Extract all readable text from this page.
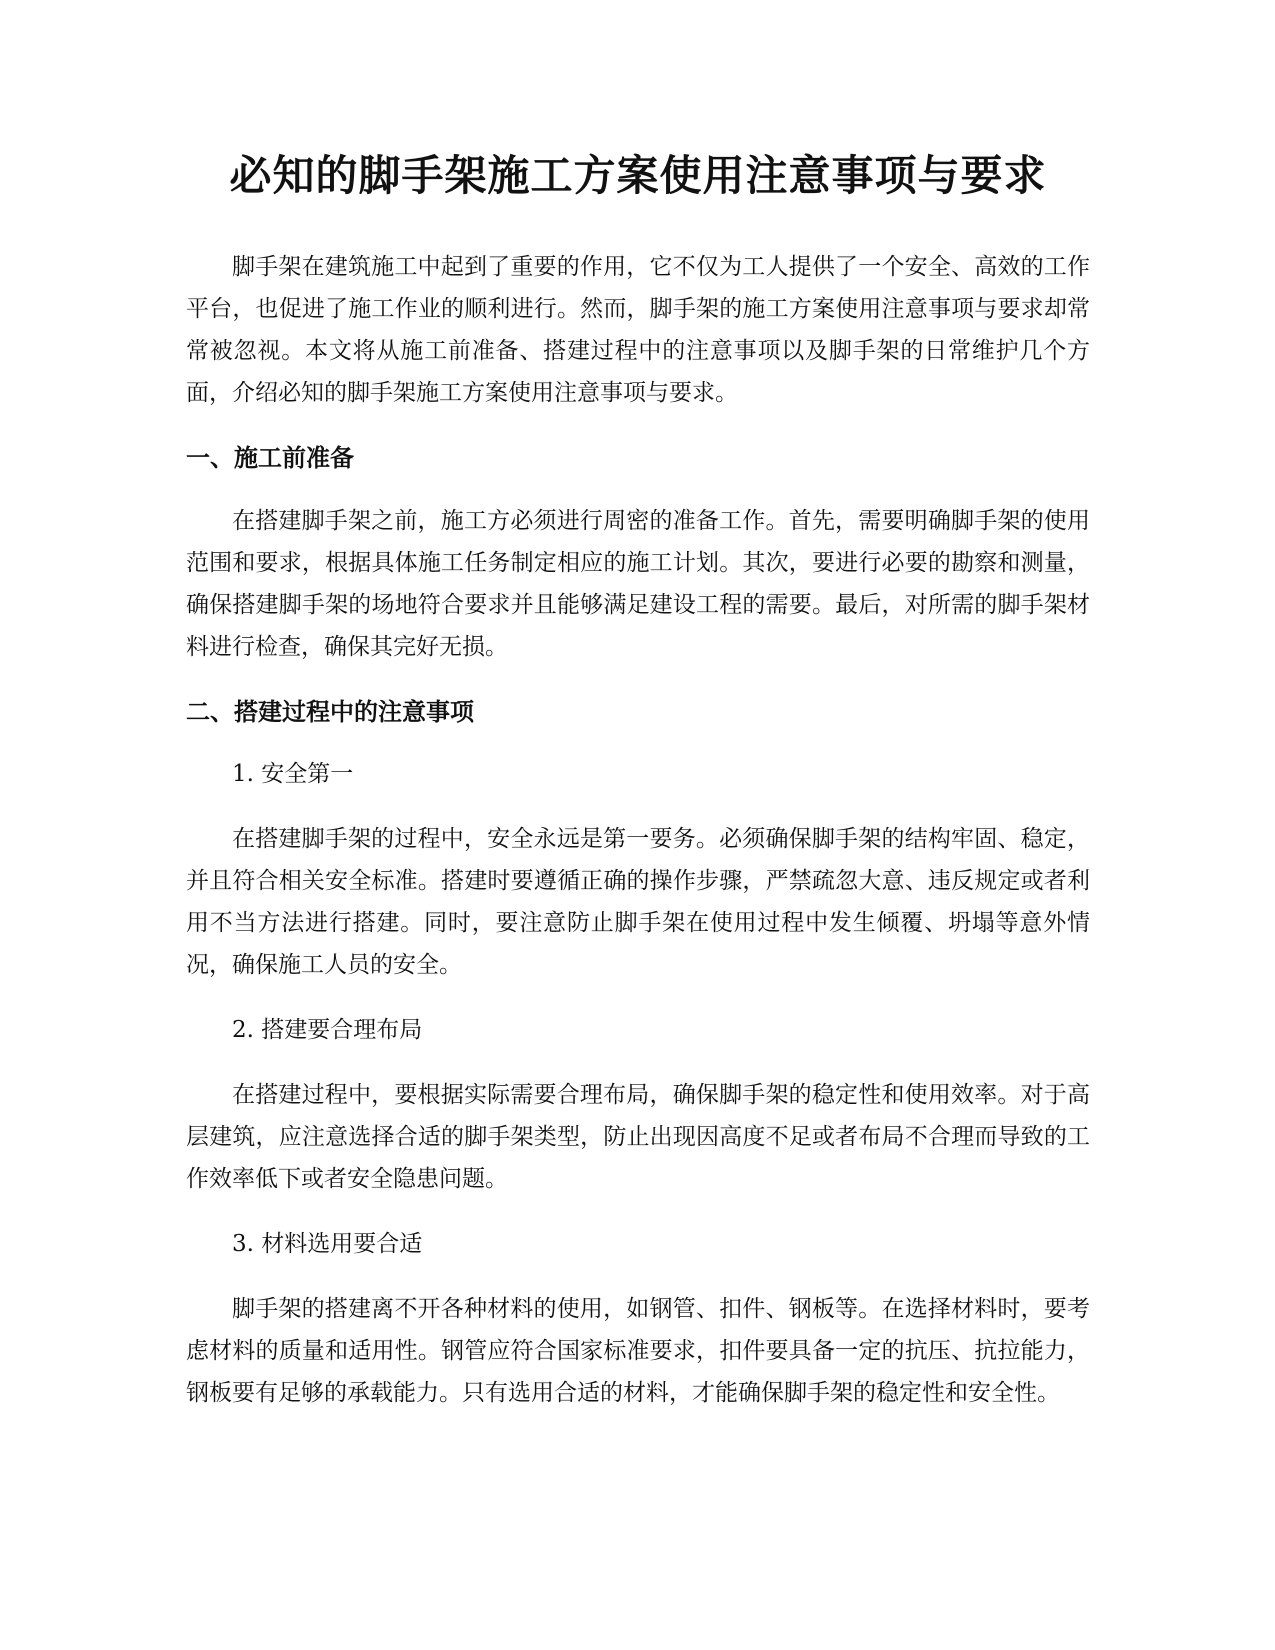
必知的脚手架施工方案使用注意事项与要求

脚手架在建筑施工中起到了重要的作用，它不仅为工人提供了一个安全、高效的工作平台，也促进了施工作业的顺利进行。然而，脚手架的施工方案使用注意事项与要求却常常被忽视。本文将从施工前准备、搭建过程中的注意事项以及脚手架的日常维护几个方面，介绍必知的脚手架施工方案使用注意事项与要求。

一、施工前准备

在搭建脚手架之前，施工方必须进行周密的准备工作。首先，需要明确脚手架的使用范围和要求，根据具体施工任务制定相应的施工计划。其次，要进行必要的勘察和测量，确保搭建脚手架的场地符合要求并且能够满足建设工程的需要。最后，对所需的脚手架材料进行检查，确保其完好无损。

二、搭建过程中的注意事项

1. 安全第一

在搭建脚手架的过程中，安全永远是第一要务。必须确保脚手架的结构牢固、稳定，并且符合相关安全标准。搭建时要遵循正确的操作步骤，严禁疏忽大意、违反规定或者利用不当方法进行搭建。同时，要注意防止脚手架在使用过程中发生倾覆、坍塌等意外情况，确保施工人员的安全。

2. 搭建要合理布局

在搭建过程中，要根据实际需要合理布局，确保脚手架的稳定性和使用效率。对于高层建筑，应注意选择合适的脚手架类型，防止出现因高度不足或者布局不合理而导致的工作效率低下或者安全隐患问题。

3. 材料选用要合适

脚手架的搭建离不开各种材料的使用，如钢管、扣件、钢板等。在选择材料时，要考虑材料的质量和适用性。钢管应符合国家标准要求，扣件要具备一定的抗压、抗拉能力，钢板要有足够的承载能力。只有选用合适的材料，才能确保脚手架的稳定性和安全性。
